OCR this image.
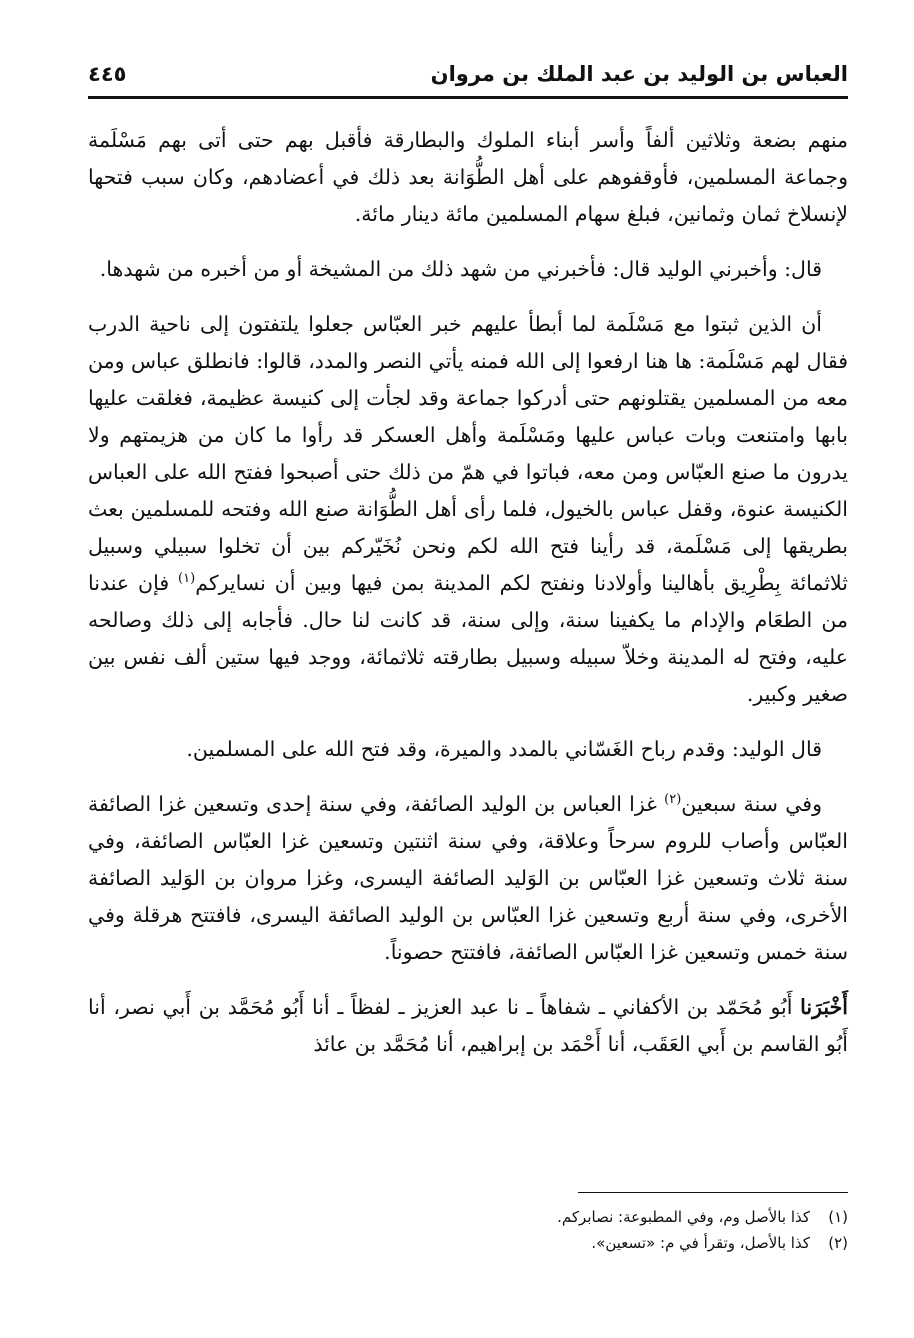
العباس بن الوليد بن عبد الملك بن مروان
٤٤٥

منهم بضعة وثلاثين ألفاً وأسر أبناء الملوك والبطارقة فأقبل بهم حتى أتى بهم مَسْلَمة وجماعة المسلمين، فأوقفوهم على أهل الطُّوَانة بعد ذلك في أعضادهم، وكان سبب فتحها لإنسلاخ ثمان وثمانين، فبلغ سهام المسلمين مائة دينار مائة.

قال: وأخبرني الوليد قال: فأخبرني من شهد ذلك من المشيخة أو من أخبره من شهدها.

أن الذين ثبتوا مع مَسْلَمة لما أبطأ عليهم خبر العبّاس جعلوا يلتفتون إلى ناحية الدرب فقال لهم مَسْلَمة: ها هنا ارفعوا إلى الله فمنه يأتي النصر والمدد، قالوا: فانطلق عباس ومن معه من المسلمين يقتلونهم حتى أدركوا جماعة وقد لجأت إلى كنيسة عظيمة، فغلقت عليها بابها وامتنعت وبات عباس عليها ومَسْلَمة وأهل العسكر قد رأوا ما كان من هزيمتهم ولا يدرون ما صنع العبّاس ومن معه، فباتوا في همّ من ذلك حتى أصبحوا ففتح الله على العباس الكنيسة عنوة، وقفل عباس بالخيول، فلما رأى أهل الطُّوَانة صنع الله وفتحه للمسلمين بعث بطريقها إلى مَسْلَمة، قد رأينا فتح الله لكم ونحن نُخَيّركم بين أن تخلوا سبيلي وسبيل ثلاثمائة بِطْرِيق بأهالينا وأولادنا ونفتح لكم المدينة بمن فيها وبين أن نسايركم$^{(١)}$ فإن عندنا من الطعَام والإدام ما يكفينا سنة، وإلى سنة، قد كانت لنا حال. فأجابه إلى ذلك وصالحه عليه، وفتح له المدينة وخلاّ سبيله وسبيل بطارقته ثلاثمائة، ووجد فيها ستين ألف نفس بين صغير وكبير.

قال الوليد: وقدم رباح الغَسّاني بالمدد والميرة، وقد فتح الله على المسلمين.

وفي سنة سبعين$^{(٢)}$ غزا العباس بن الوليد الصائفة، وفي سنة إحدى وتسعين غزا الصائفة العبّاس وأصاب للروم سرحاً وعلاقة، وفي سنة اثنتين وتسعين غزا العبّاس الصائفة، وفي سنة ثلاث وتسعين غزا العبّاس بن الوَليد الصائفة اليسرى، وغزا مروان بن الوَليد الصائفة الأخرى، وفي سنة أربع وتسعين غزا العبّاس بن الوليد الصائفة اليسرى، فافتتح هرقلة وفي سنة خمس وتسعين غزا العبّاس الصائفة، فافتتح حصوناً.

أَخْبَرَنا أَبُو مُحَمّد بن الأكفاني ـ شفاهاً ـ نا عبد العزيز ـ لفظاً ـ أنا أَبُو مُحَمَّد بن أَبي نصر، أنا أَبُو القاسم بن أَبي العَقَب، أنا أَحْمَد بن إبراهيم، أنا مُحَمَّد بن عائذ

(١)
كذا بالأصل وم، وفي المطبوعة: نصابركم.
(٢)
كذا بالأصل، وتقرأ في م: «تسعين».
